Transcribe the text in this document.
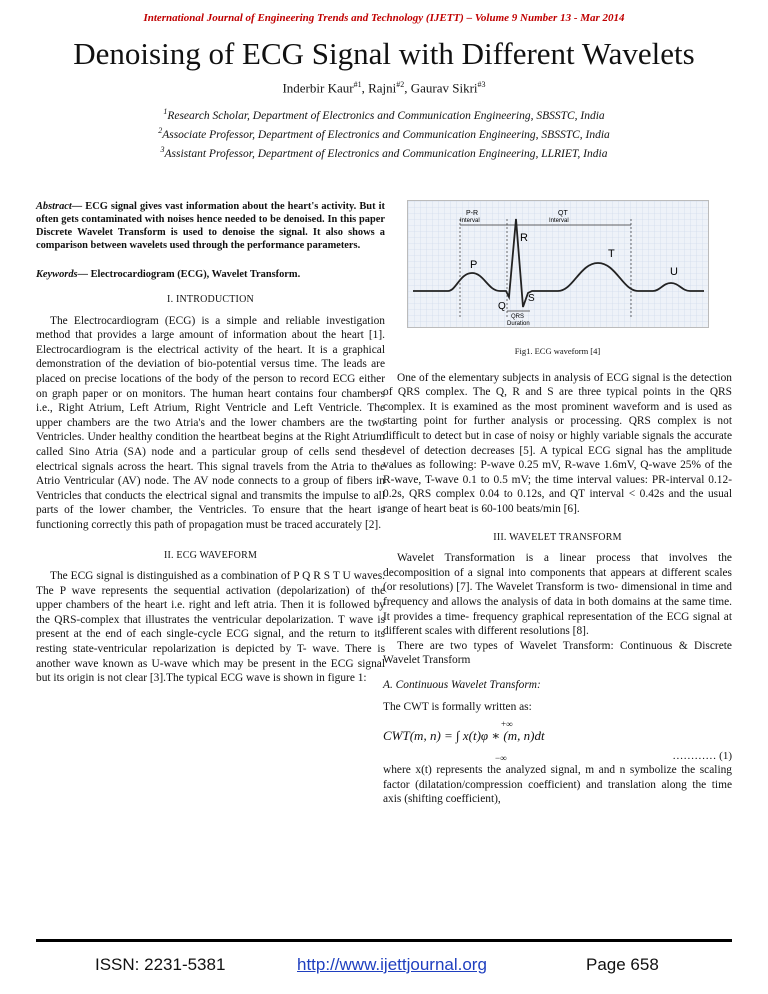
International Journal of Engineering Trends and Technology (IJETT) – Volume 9 Number 13 - Mar 2014
Denoising of ECG Signal with Different Wavelets
Inderbir Kaur$^{\#1}$, Rajni$^{\#2}$, Gaurav Sikri$^{\#3}$
$^1$Research Scholar, Department of Electronics and Communication Engineering, SBSSTC, India
$^2$Associate Professor, Department of Electronics and Communication Engineering, SBSSTC, India
$^3$Assistant Professor, Department of Electronics and Communication Engineering, LLRIET, India

Abstract— ECG signal gives vast information about the heart's activity. But it often gets contaminated with noises hence needed to be denoised. In this paper Discrete Wavelet Transform is used to denoise the signal. It also shows a comparison between wavelets used through the performance parameters.

Keywords— Electrocardiogram (ECG), Wavelet Transform.

I. INTRODUCTION

The Electrocardiogram (ECG) is a simple and reliable investigation method that provides a large amount of information about the heart [1]. Electrocardiogram is the electrical activity of the heart. It is a graphical demonstration of the deviation of bio-potential versus time. The leads are placed on precise locations of the body of the person to record ECG either on graph paper or on monitors. The human heart contains four chambers i.e., Right Atrium, Left Atrium, Right Ventricle and Left Ventricle. The upper chambers are the two Atria's and the lower chambers are the two Ventricles. Under healthy condition the heartbeat begins at the Right Atrium called Sino Atria (SA) node and a particular group of cells send these electrical signals across the heart. This signal travels from the Atria to the Atrio Ventricular (AV) node. The AV node connects to a group of fibers in Ventricles that conducts the electrical signal and transmits the impulse to all parts of the lower chamber, the Ventricles. To ensure that the heart is functioning correctly this path of propagation must be traced accurately [2].

II. ECG WAVEFORM

The ECG signal is distinguished as a combination of P Q R S T U waves. The P wave represents the sequential activation (depolarization) of the upper chambers of the heart i.e. right and left atria. Then it is followed by the QRS-complex that illustrates the ventricular depolarization. T wave is present at the end of each single-cycle ECG signal, and the return to its resting state-ventricular repolarization is depicted by T- wave. There is another wave known as U-wave which may be present in the ECG signal but its origin is not clear [3].The typical ECG wave is shown in figure 1:

P-R
Interval
QT
Interval
R
T
P
U
S
Q
QRS
Duration
Fig1. ECG waveform [4]

One of the elementary subjects in analysis of ECG signal is the detection of QRS complex. The Q, R and S are three typical points in the QRS complex. It is examined as the most prominent waveform and is used as starting point for further analysis or processing. QRS complex is not difficult to detect but in case of noisy or highly variable signals the accurate level of detection decreases [5]. A typical ECG signal has the amplitude values as following: P-wave 0.25 mV, R-wave 1.6mV, Q-wave 25% of the R-wave, T-wave 0.1 to 0.5 mV; the time interval values: PR-interval 0.12-0.2s, QRS complex 0.04 to 0.12s, and QT interval < 0.42s and the usual range of heart beat is 60-100 beats/min [6].

III. WAVELET TRANSFORM

Wavelet Transformation is a linear process that involves the decomposition of a signal into components that appears at different scales (or resolutions) [7]. The Wavelet Transform is two- dimensional in time and frequency and allows the analysis of data in both domains at the same time. It provides a time- frequency graphical representation of the ECG signal at different scales with different resolutions [8].

There are two types of Wavelet Transform: Continuous & Discrete Wavelet Transform

A. Continuous Wavelet Transform:
The CWT is formally written as:
CWT(m, n) = ∫ x(t)φ ∗ (m, n)dt
+∞
−∞	………… (1)

where x(t) represents the analyzed signal, m and n symbolize the scaling factor (dilatation/compression coefficient) and translation along the time axis (shifting coefficient),

ISSN: 2231-5381	http://www.ijettjournal.org	Page 658
